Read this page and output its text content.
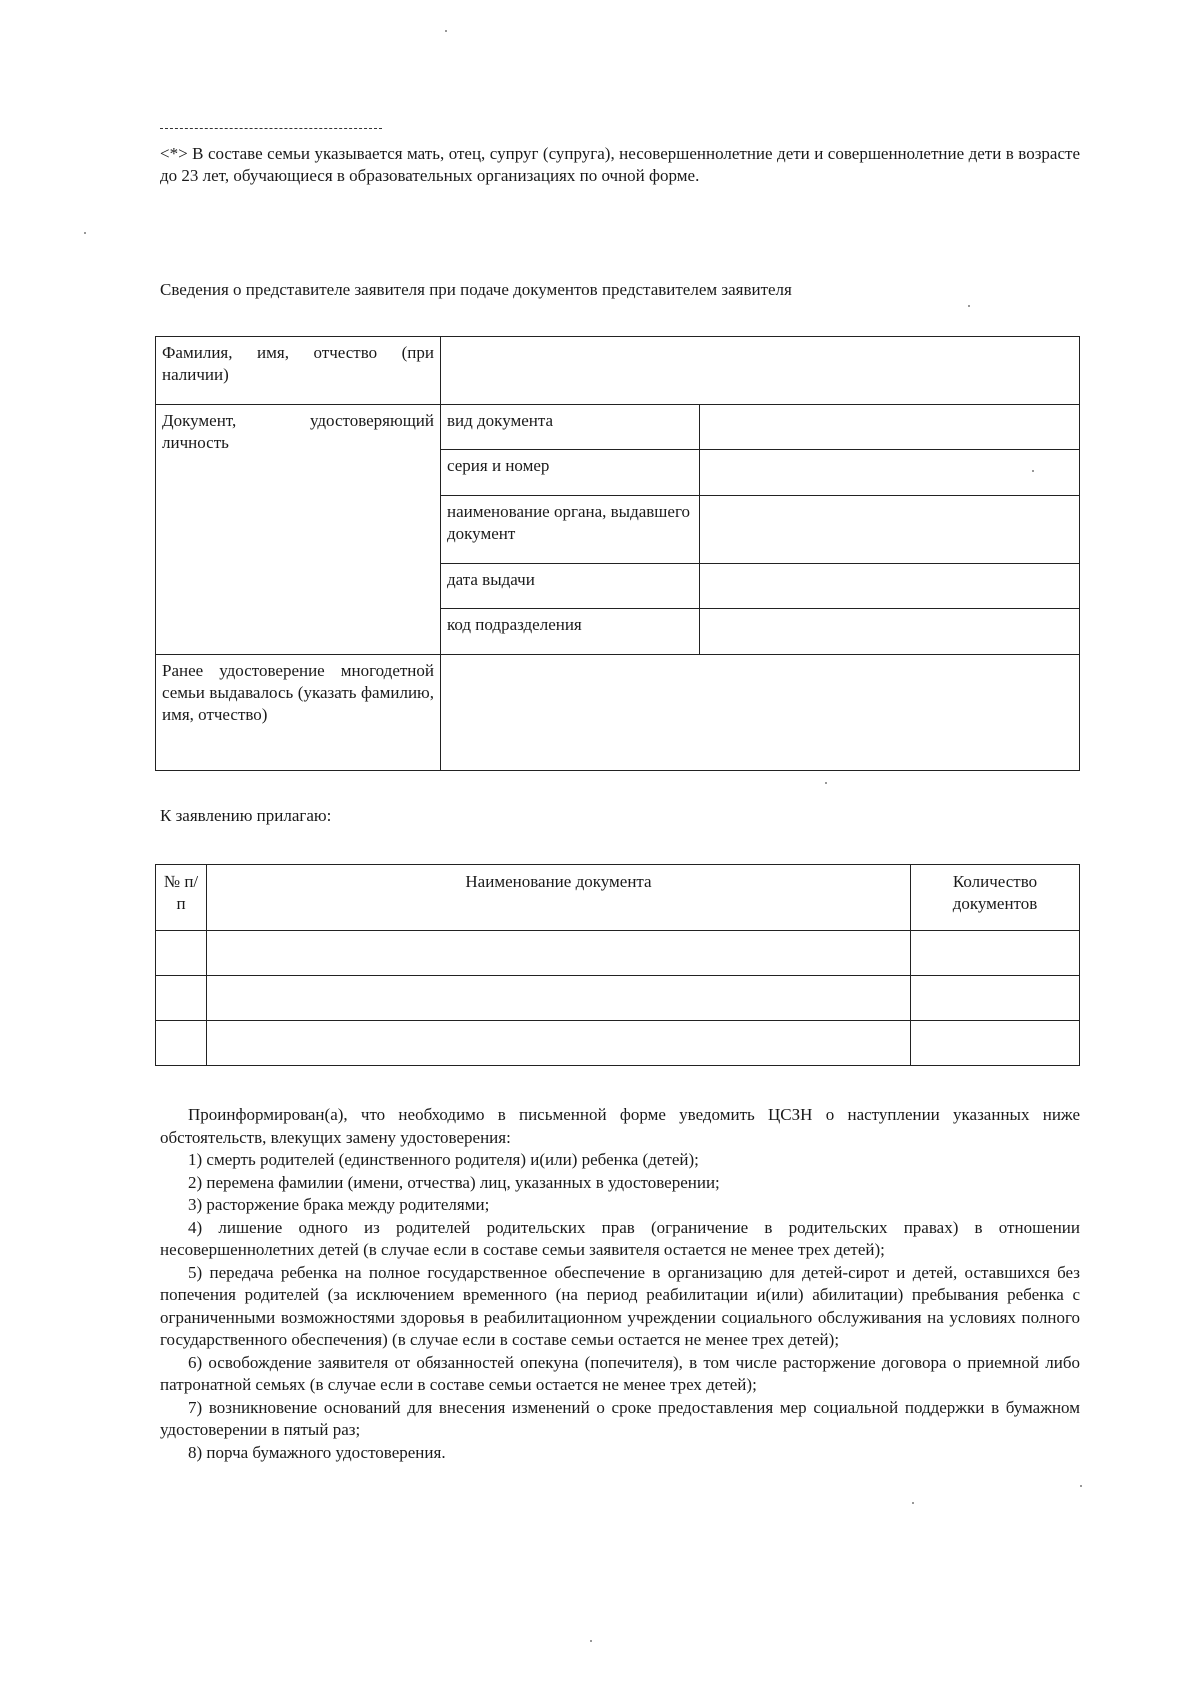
<*> В составе семьи указывается мать, отец, супруг (супруга), несовершеннолетние дети и совершеннолетние дети в возрасте до 23 лет, обучающиеся в образовательных организациях по очной форме.
Сведения о представителе заявителя при подаче документов представителем заявителя
Фамилия, имя, отчество (при наличии)		
Документ, удостоверяющий личность	вид документа	
	серия и номер	
	наименование органа, выдавшего документ	
	дата выдачи	
	код подразделения	
Ранее удостоверение многодетной семьи выдавалось (указать фамилию, имя, отчество)		
К заявлению прилагаю:
№ п/п	Наименование документа	Количество документов

Проинформирован(а), что необходимо в письменной форме уведомить ЦСЗН о наступлении указанных ниже обстоятельств, влекущих замену удостоверения:

1) смерть родителей (единственного родителя) и(или) ребенка (детей);

2) перемена фамилии (имени, отчества) лиц, указанных в удостоверении;

3) расторжение брака между родителями;

4) лишение одного из родителей родительских прав (ограничение в родительских правах) в отношении несовершеннолетних детей (в случае если в составе семьи заявителя остается не менее трех детей);

5) передача ребенка на полное государственное обеспечение в организацию для детей-сирот и детей, оставшихся без попечения родителей (за исключением временного (на период реабилитации и(или) абилитации) пребывания ребенка с ограниченными возможностями здоровья в реабилитационном учреждении социального обслуживания на условиях полного государственного обеспечения) (в случае если в составе семьи остается не менее трех детей);

6) освобождение заявителя от обязанностей опекуна (попечителя), в том числе расторжение договора о приемной либо патронатной семьях (в случае если в составе семьи остается не менее трех детей);

7) возникновение оснований для внесения изменений о сроке предоставления мер социальной поддержки в бумажном удостоверении в пятый раз;

8) порча бумажного удостоверения.
